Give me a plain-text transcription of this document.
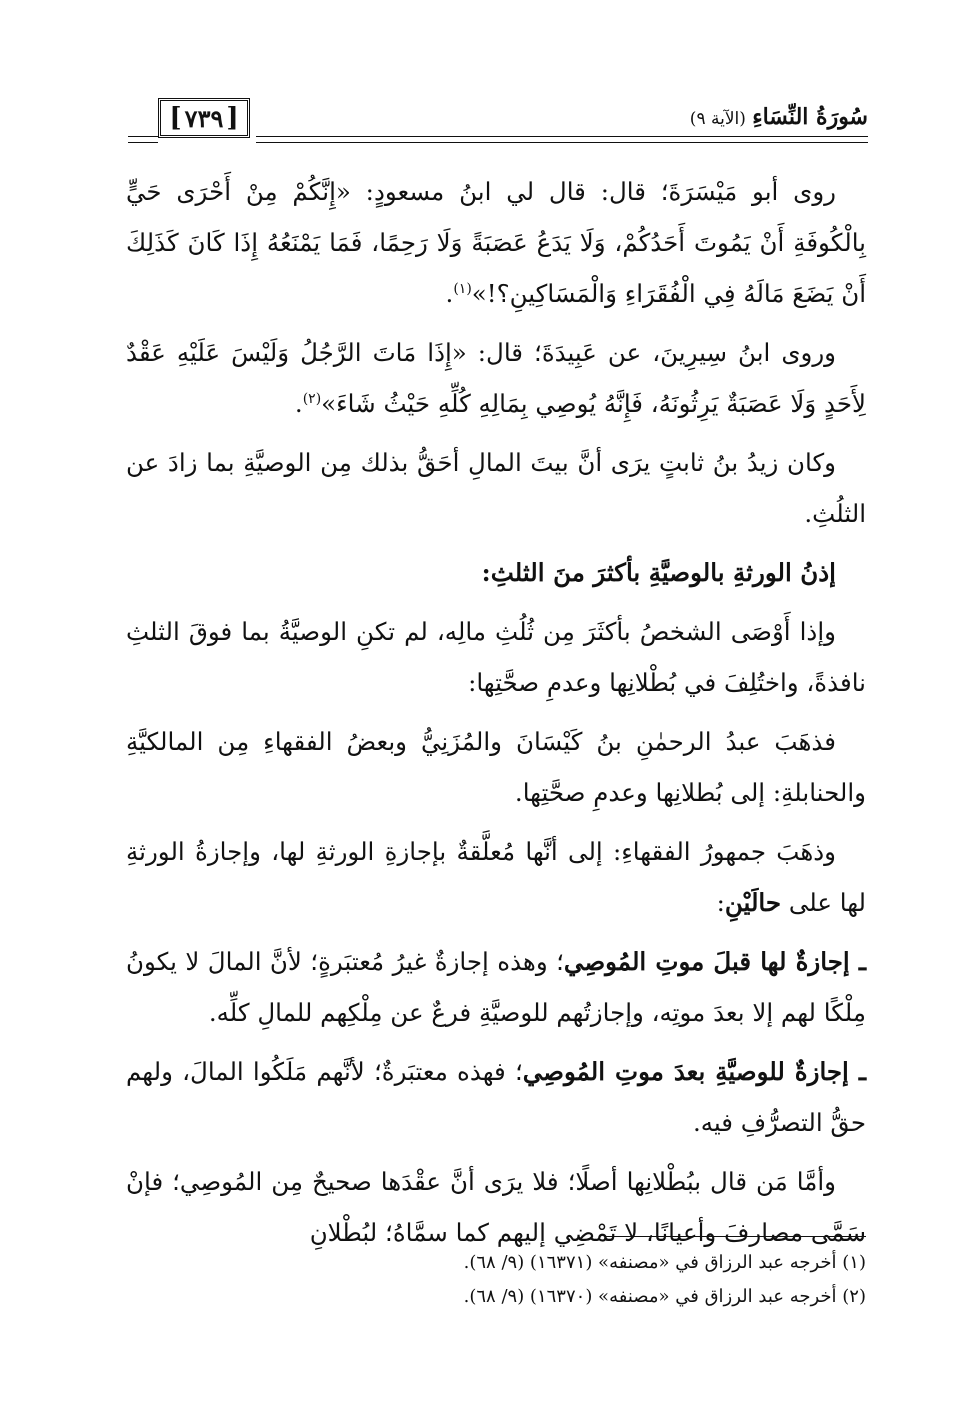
[
٧٣٩
]	سُورَةُ النِّسَاءِ (الآية ٩)

روى أبو مَيْسَرَةَ؛ قال: قال لي ابنُ مسعودٍ: «إِنَّكُمْ مِنْ أَحْرَى حَيٍّ بِالْكُوفَةِ أَنْ يَمُوتَ أَحَدُكُمْ، وَلَا يَدَعُ عَصَبَةً وَلَا رَحِمًا، فَمَا يَمْنَعُهُ إِذَا كَانَ كَذَلِكَ أَنْ يَضَعَ مَالَهُ فِي الْفُقَرَاءِ وَالْمَسَاكِينِ؟!»$^{(١)}$.

وروى ابنُ سِيرِينَ، عن عَبِيدَةَ؛ قال: «إِذَا مَاتَ الرَّجُلُ وَلَيْسَ عَلَيْهِ عَقْدٌ لِأَحَدٍ وَلَا عَصَبَةٌ يَرِثُونَهُ، فَإِنَّهُ يُوصِي بِمَالِهِ كُلِّهِ حَيْثُ شَاءَ»$^{(٢)}$.

وكان زيدُ بنُ ثابتٍ يرَى أنَّ بيتَ المالِ أحَقُّ بذلك مِن الوصيَّةِ بما زادَ عن الثلُثِ.

إذنُ الورثةِ بالوصيَّةِ بأكثرَ منَ الثلثِ:

وإذا أَوْصَى الشخصُ بأكثَرَ مِن ثُلُثِ مالِه، لم تكنِ الوصيَّةُ بما فوقَ الثلثِ نافذةً، واختُلِفَ في بُطْلانِها وعدمِ صحَّتِها:

فذهَبَ عبدُ الرحمٰنِ بنُ كَيْسَانَ والمُزَنِيُّ وبعضُ الفقهاءِ مِن المالكيَّةِ والحنابلةِ: إلى بُطلانِها وعدمِ صحَّتِها.

وذهَبَ جمهورُ الفقهاءِ: إلى أنَّها مُعلَّقةٌ بإجازةِ الورثةِ لها، وإجازةُ الورثةِ لها على حالَيْنِ:

ـ إجازةٌ لها قبلَ موتِ المُوصِي؛ وهذه إجازةٌ غيرُ مُعتبَرةٍ؛ لأنَّ المالَ لا يكونُ مِلْكًا لهم إلا بعدَ موتِه، وإجازتُهم للوصيَّةِ فرعٌ عن مِلْكِهم للمالِ كلِّه.

ـ إجازةٌ للوصيَّةِ بعدَ موتِ المُوصِي؛ فهذه معتبَرةٌ؛ لأنَّهم مَلَكُوا المالَ، ولهم حقُّ التصرُّفِ فيه.

وأمَّا مَن قال ببُطْلانِها أصلًا؛ فلا يرَى أنَّ عقْدَها صحيحٌ مِن المُوصِي؛ فإنْ سَمَّى مصارفَ وأعيانًا، لا تَمْضِي إليهم كما سمَّاهُ؛ لبُطْلانِ

(١) أخرجه عبد الرزاق في «مصنفه» (١٦٣٧١) (٩/ ٦٨).

(٢) أخرجه عبد الرزاق في «مصنفه» (١٦٣٧٠) (٩/ ٦٨).
